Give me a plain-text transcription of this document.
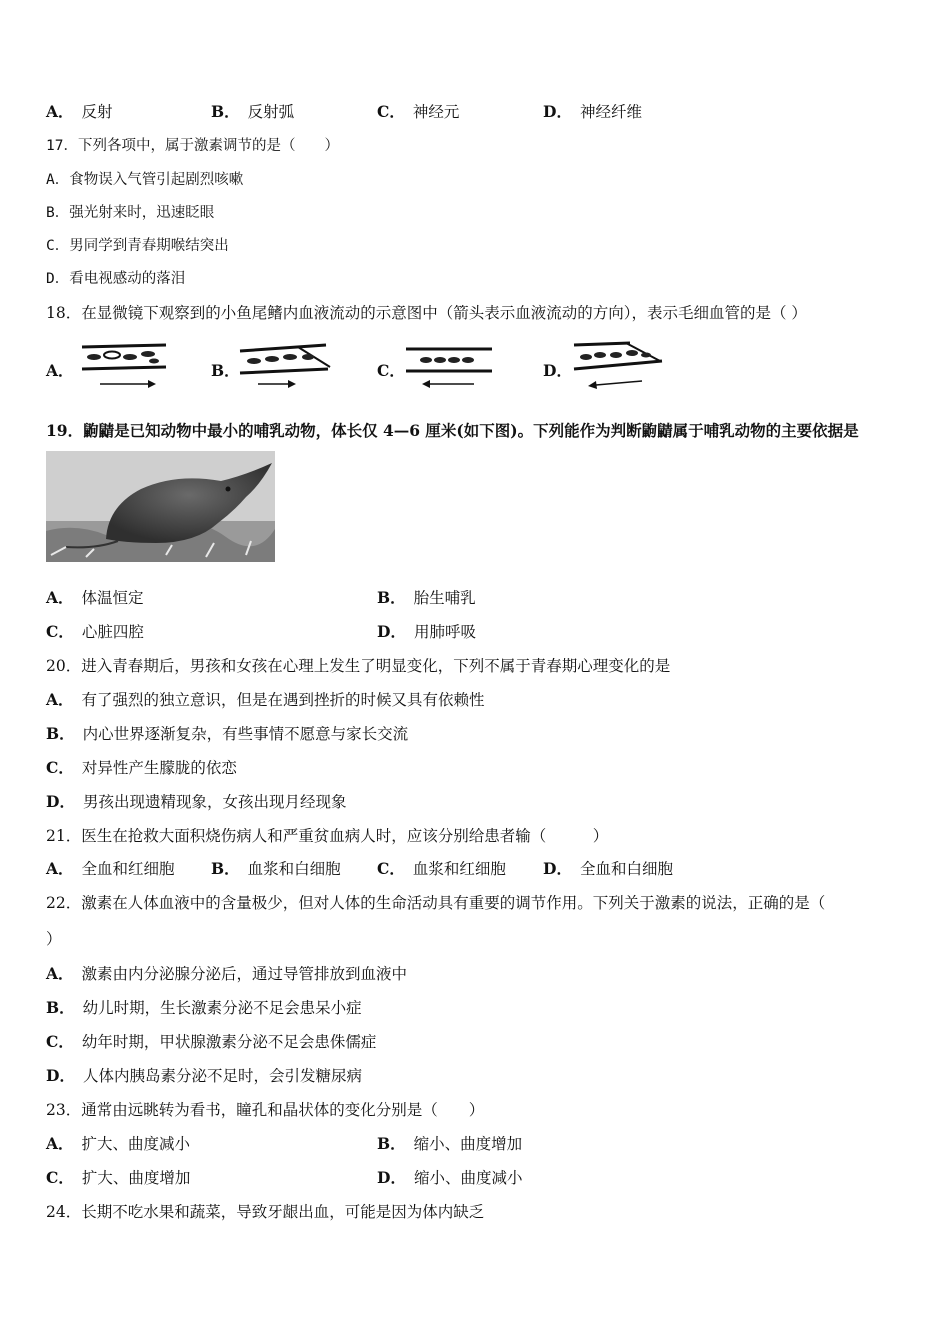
A． 反射	B． 反射弧	C． 神经元	D． 神经纤维
17．下列各项中，属于激素调节的是（　　）
A．食物误入气管引起剧烈咳嗽
B．强光射来时，迅速眨眼
C．男同学到青春期喉结突出
D．看电视感动的落泪
18．在显微镜下观察到的小鱼尾鳍内血液流动的示意图中（箭头表示血液流动的方向），表示毛细血管的是（ ）
A．	B．	C．	D．
19．鼩鼱是已知动物中最小的哺乳动物，体长仅 4—6 厘米(如下图)。下列能作为判断鼩鼱属于哺乳动物的主要依据是
A． 体温恒定	B． 胎生哺乳
C． 心脏四腔	D． 用肺呼吸
20．进入青春期后，男孩和女孩在心理上发生了明显变化，下列不属于青春期心理变化的是
A． 有了强烈的独立意识，但是在遇到挫折的时候又具有依赖性
B． 内心世界逐渐复杂，有些事情不愿意与家长交流
C． 对异性产生朦胧的依恋
D． 男孩出现遗精现象，女孩出现月经现象
21．医生在抢救大面积烧伤病人和严重贫血病人时，应该分别给患者输（　　　）
A． 全血和红细胞 B． 血浆和白细胞 C． 血浆和红细胞 D． 全血和白细胞
22．激素在人体血液中的含量极少，但对人体的生命活动具有重要的调节作用。下列关于激素的说法，正确的是（
）
A． 激素由内分泌腺分泌后，通过导管排放到血液中
B． 幼儿时期，生长激素分泌不足会患呆小症
C． 幼年时期，甲状腺激素分泌不足会患侏儒症
D． 人体内胰岛素分泌不足时，会引发糖尿病
23．通常由远眺转为看书，瞳孔和晶状体的变化分别是（　　）
A． 扩大、曲度减小	B． 缩小、曲度增加
C． 扩大、曲度增加	D． 缩小、曲度减小
24．长期不吃水果和蔬菜，导致牙龈出血，可能是因为体内缺乏
